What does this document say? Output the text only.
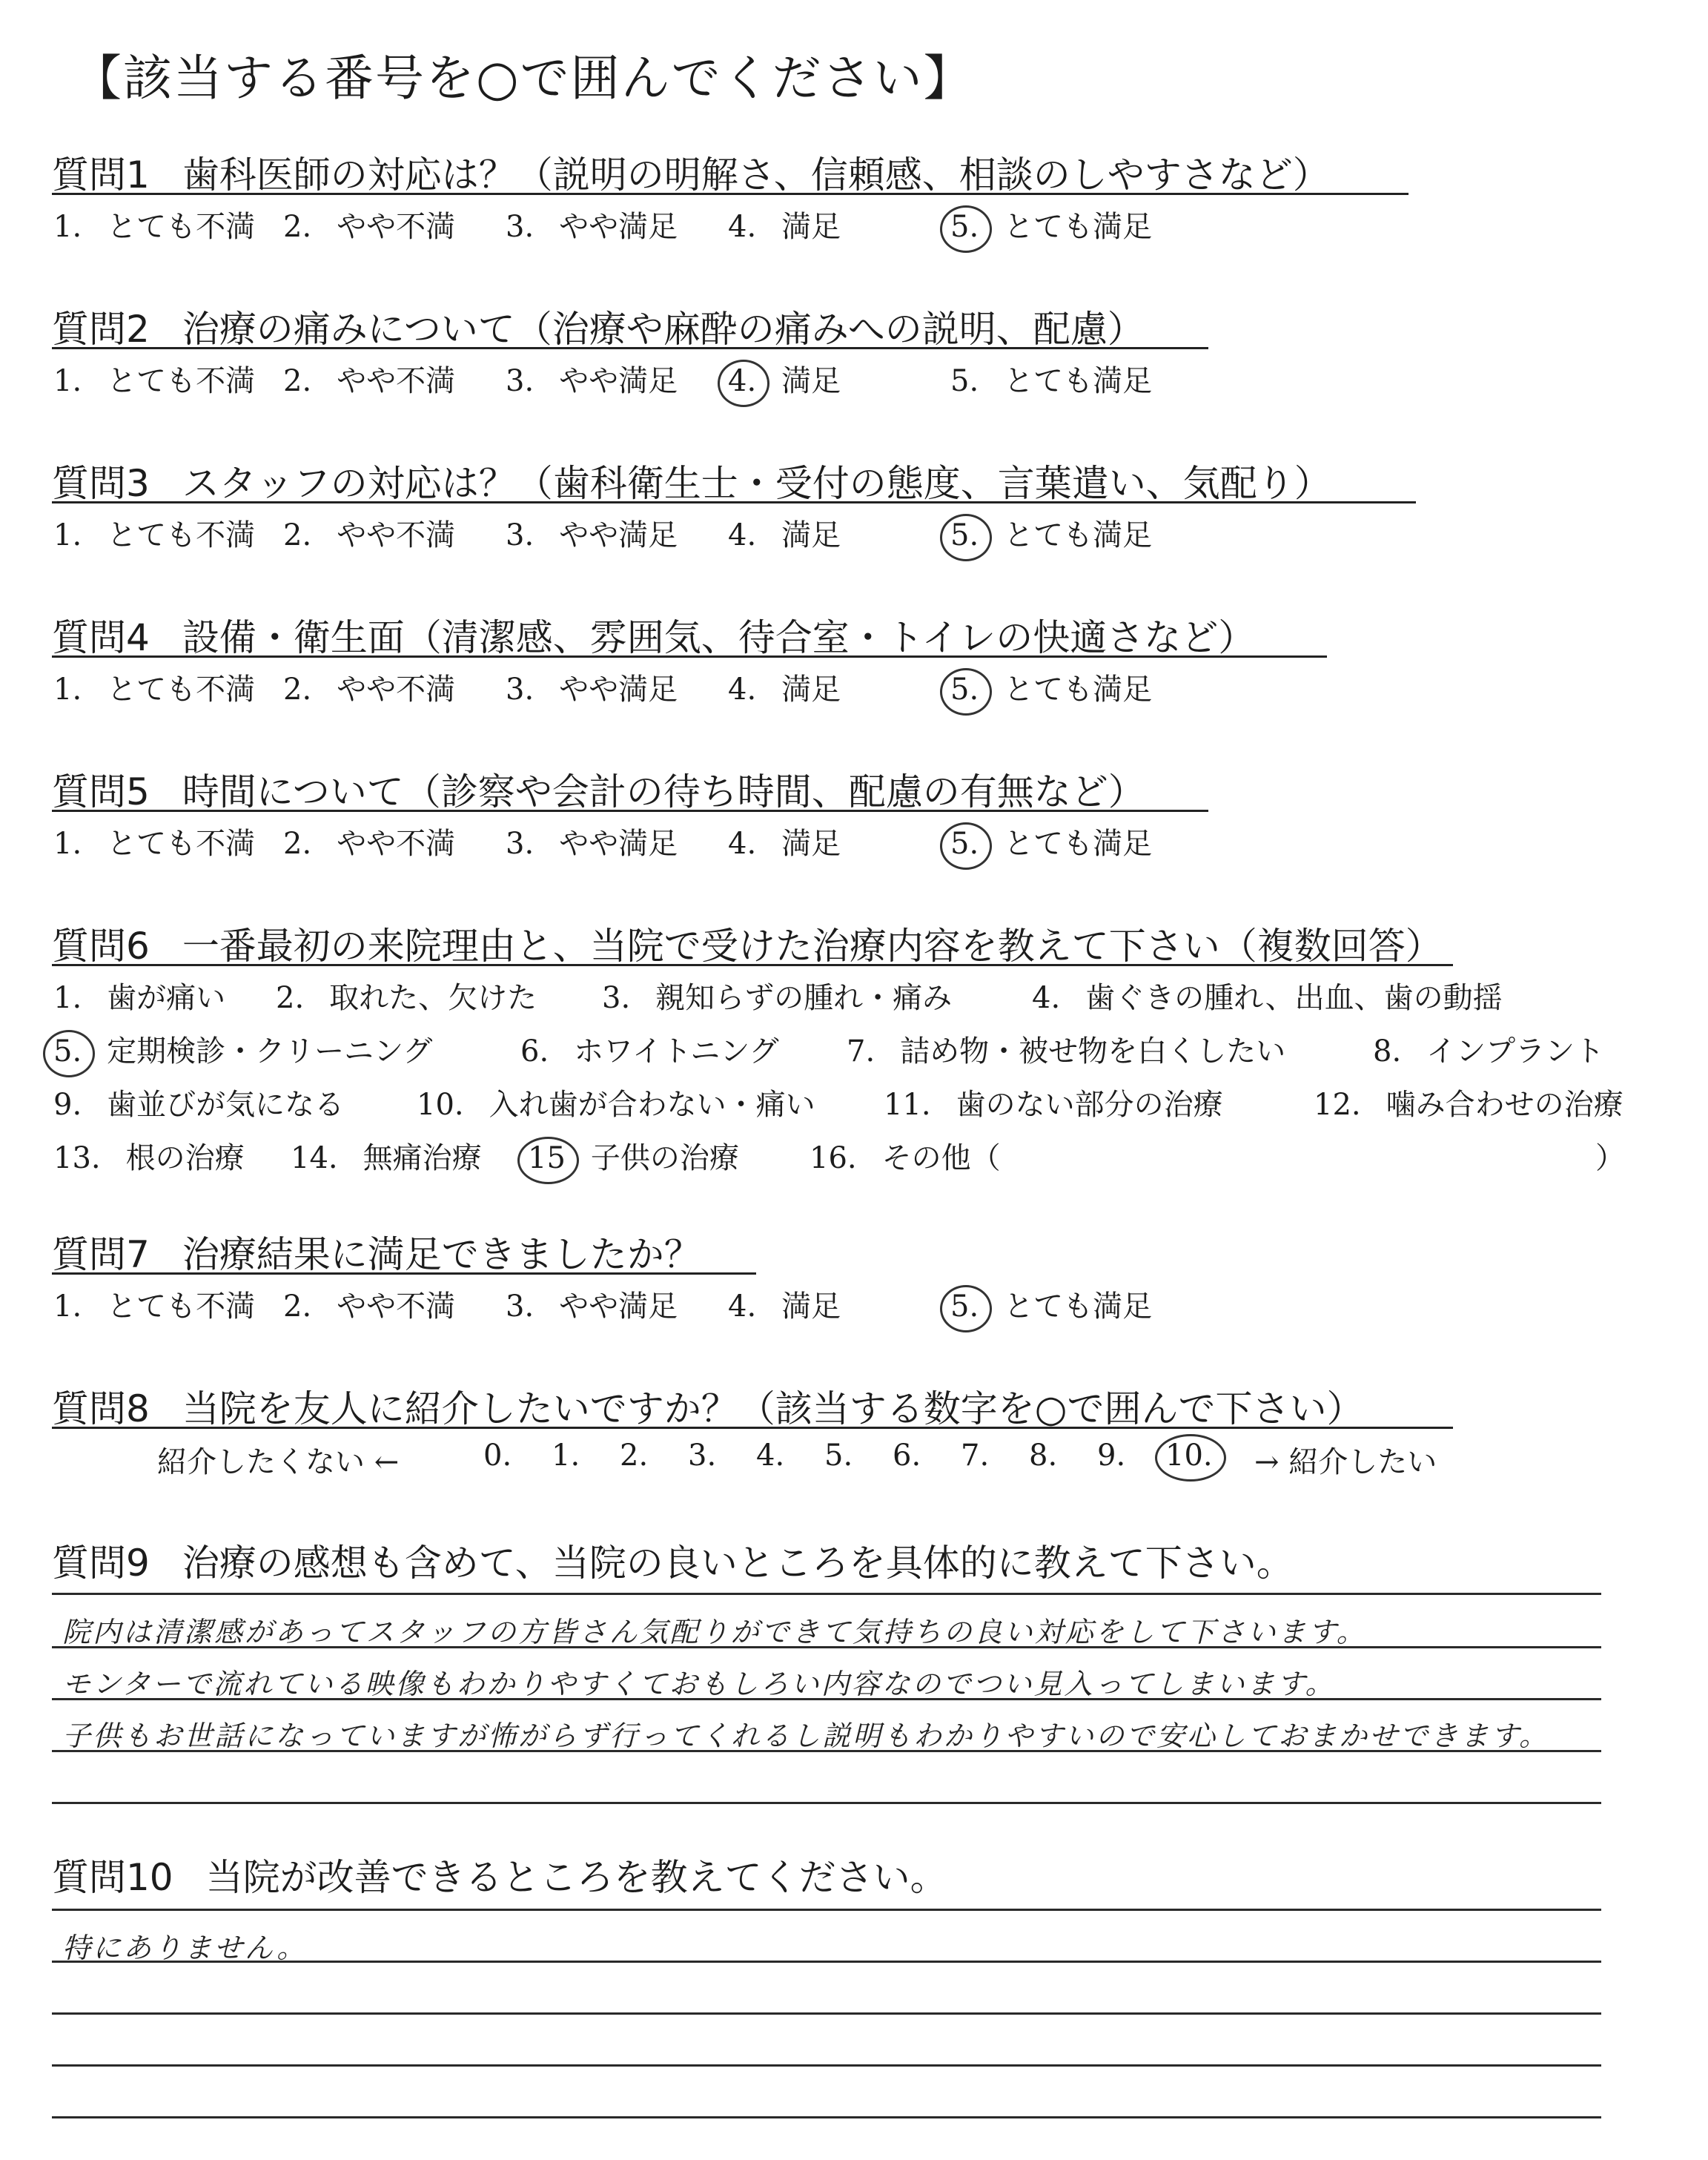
【該当する番号を○で囲んでください】
質問1 歯科医師の対応は？（説明の明解さ、信頼感、相談のしやすさなど）
1. とても不満 2. やや不満 3. やや満足 4. 満足	5. とても満足
質問2 治療の痛みについて（治療や麻酔の痛みへの説明、配慮）
1. とても不満 2. やや不満 3. やや満足 4. 満足	5. とても満足
質問3 スタッフの対応は？（歯科衛生士・受付の態度、言葉遣い、気配り）
1. とても不満 2. やや不満 3. やや満足 4. 満足	5. とても満足
質問4 設備・衛生面（清潔感、雰囲気、待合室・トイレの快適さなど）
1. とても不満 2. やや不満 3. やや満足 4. 満足	5. とても満足
質問5 時間について（診察や会計の待ち時間、配慮の有無など）
1. とても不満 2. やや不満 3. やや満足 4. 満足	5. とても満足
質問6 一番最初の来院理由と、当院で受けた治療内容を教えて下さい（複数回答）
1. 歯が痛い 2. 取れた、欠けた 3. 親知らずの腫れ・痛み	4. 歯ぐきの腫れ、出血、歯の動揺
5. 定期検診・クリーニング	6. ホワイトニング 7. 詰め物・被せ物を白くしたい	8. インプラント
9. 歯並びが気になる 10. 入れ歯が合わない・痛い 11. 歯のない部分の治療	12. 噛み合わせの治療
13. 根の治療 14. 無痛治療 15 子供の治療 16. その他（	）
質問7 治療結果に満足できましたか？
1. とても不満 2. やや不満 3. やや満足 4. 満足	5. とても満足
質問8 当院を友人に紹介したいですか？（該当する数字を○で囲んで下さい）
紹介したくない ←	0. 1. 2. 3. 4. 5. 6. 7. 8. 9. 10. → 紹介したい
質問9 治療の感想も含めて、当院の良いところを具体的に教えて下さい。
院内は清潔感があってスタッフの方皆さん気配りができて気持ちの良い対応をして下さいます。
モンターで流れている映像もわかりやすくておもしろい内容なのでつい見入ってしまいます。
子供もお世話になっていますが怖がらず行ってくれるし説明もわかりやすいので安心しておまかせできます。
質問10 当院が改善できるところを教えてください。
特にありません。
